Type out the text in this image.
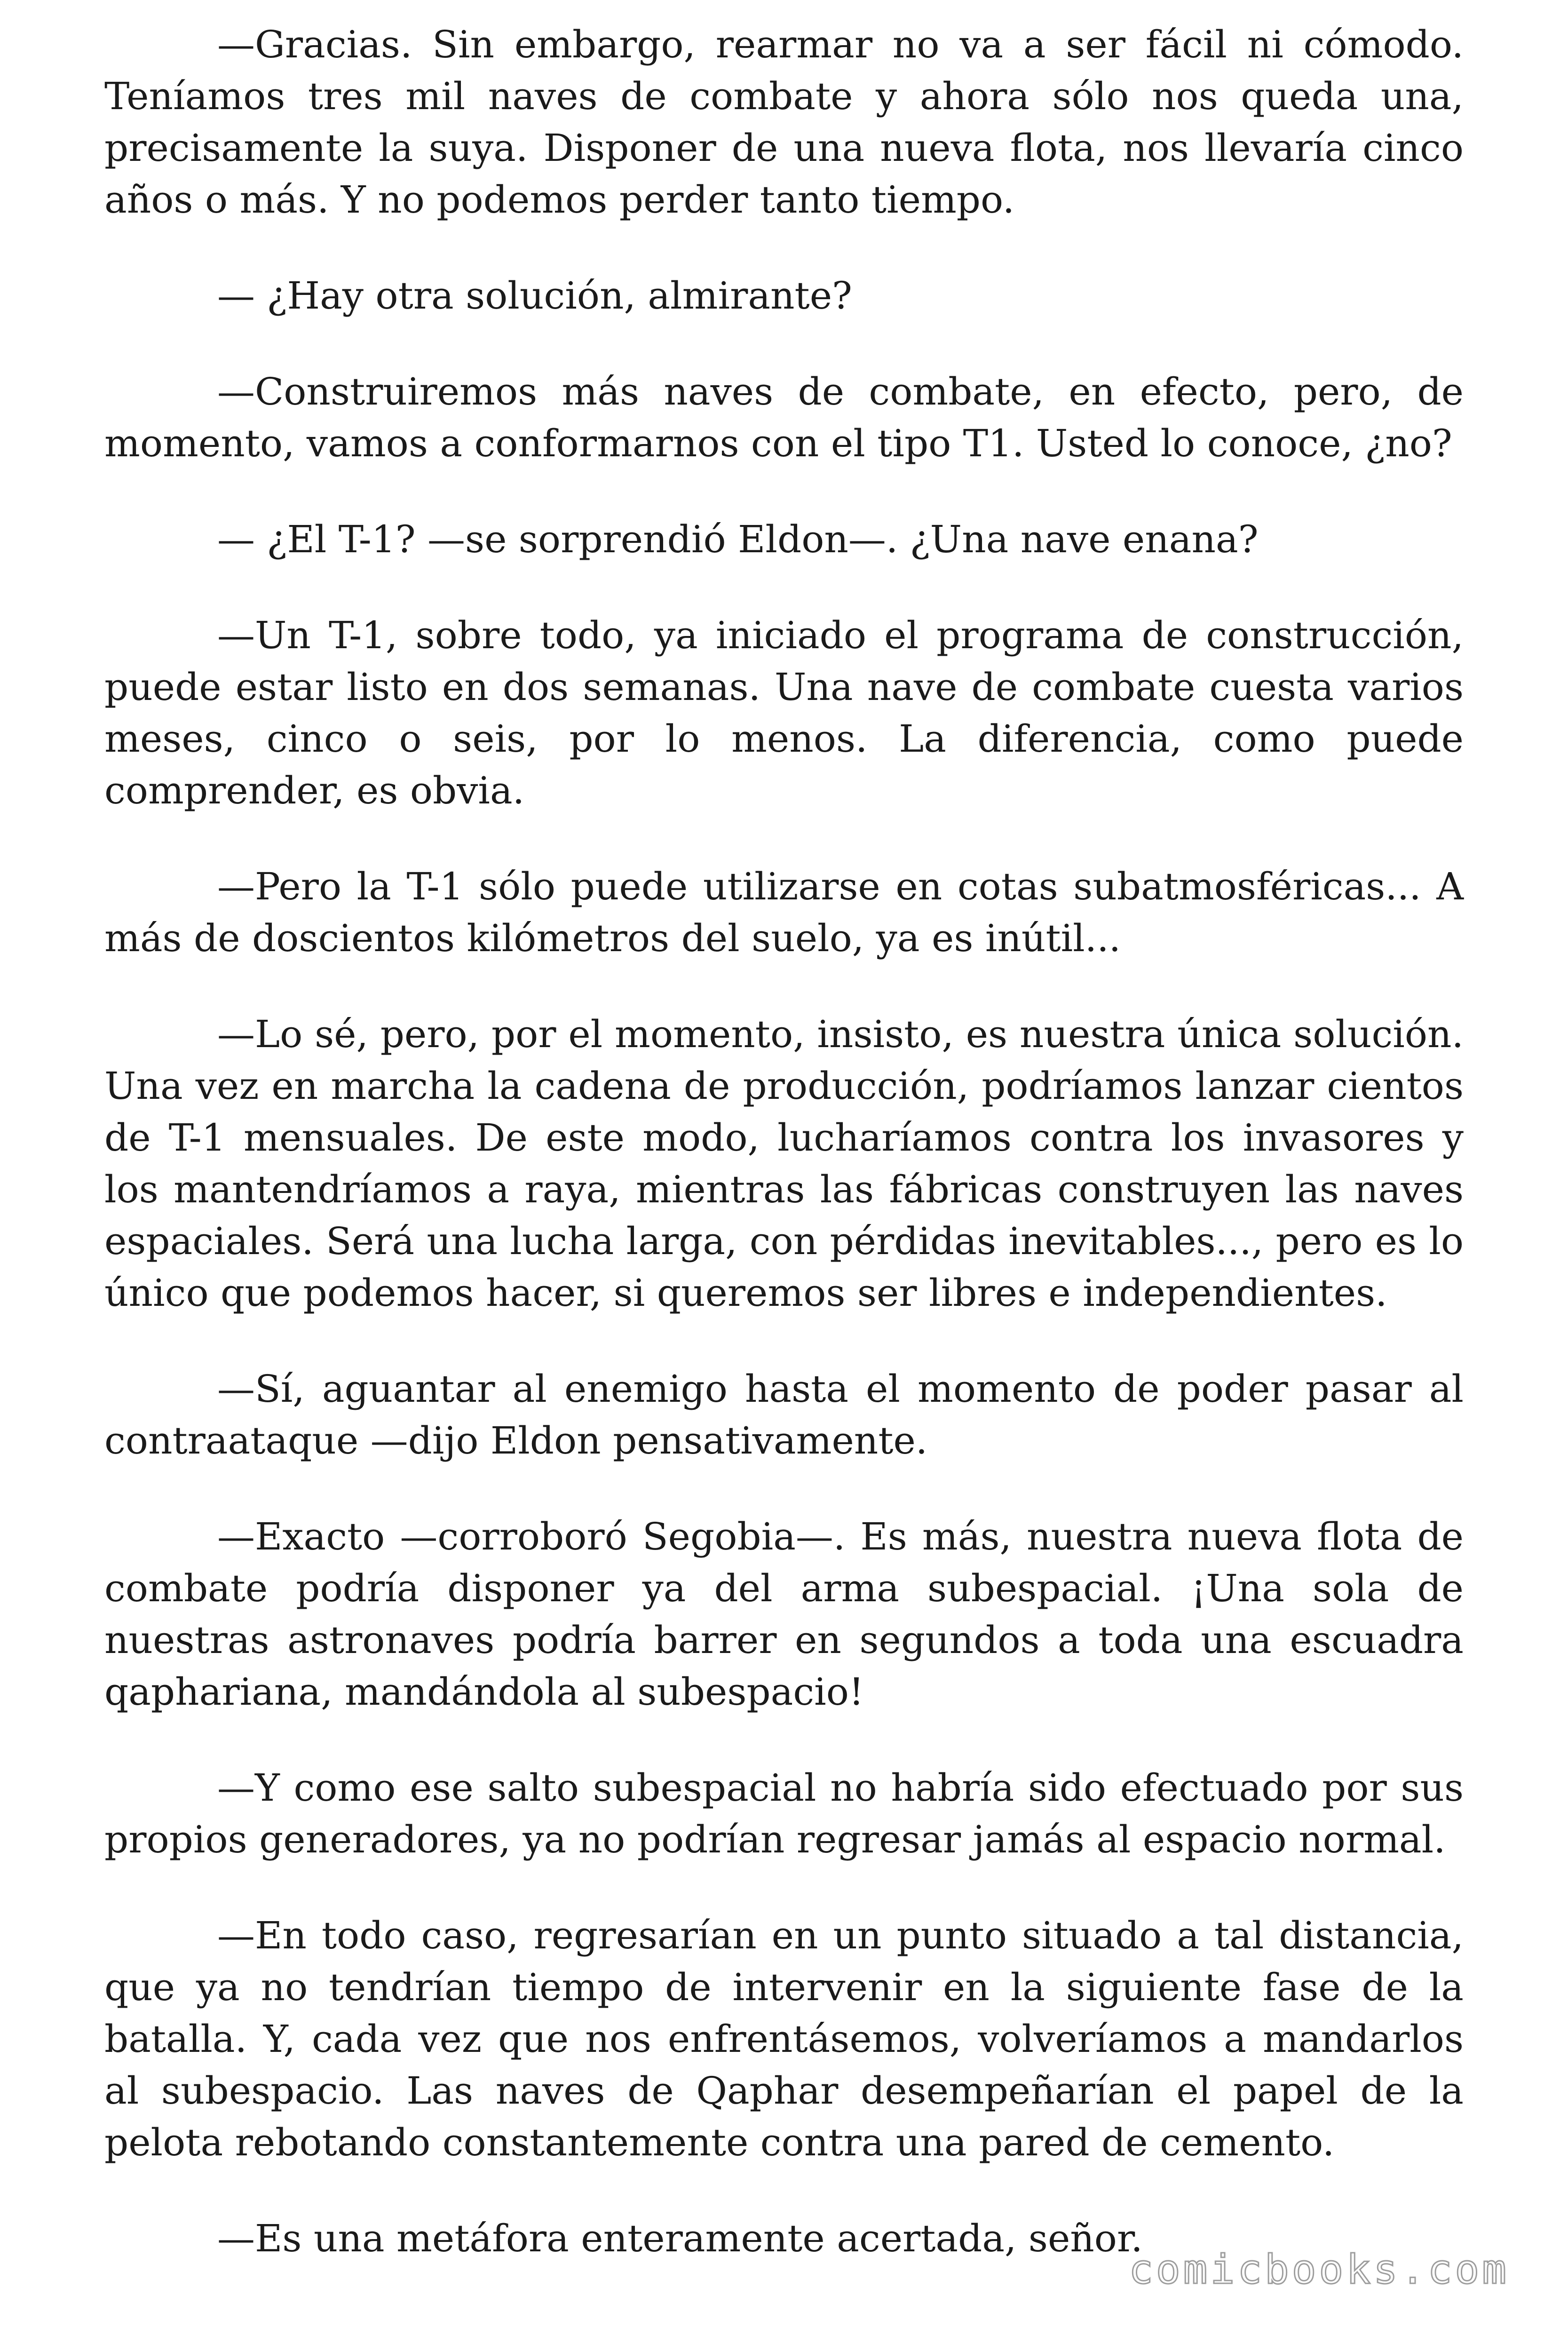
—Gracias. Sin embargo, rearmar no va a ser fácil ni cómodo. Teníamos tres mil naves de combate y ahora sólo nos queda una, precisamente la suya. Disponer de una nueva flota, nos llevaría cinco años o más. Y no podemos perder tanto tiempo.

— ¿Hay otra solución, almirante?

—Construiremos más naves de combate, en efecto, pero, de momento, vamos a conformarnos con el tipo T1. Usted lo conoce, ¿no?

— ¿El T-1? —se sorprendió Eldon—. ¿Una nave enana?

—Un T-1, sobre todo, ya iniciado el programa de construcción, puede estar listo en dos semanas. Una nave de combate cuesta varios meses, cinco o seis, por lo menos. La diferencia, como puede comprender, es obvia.

—Pero la T-1 sólo puede utilizarse en cotas subatmosféricas... A más de doscientos kilómetros del suelo, ya es inútil...

—Lo sé, pero, por el momento, insisto, es nuestra única solución. Una vez en marcha la cadena de producción, podríamos lanzar cientos de T-1 mensuales. De este modo, lucharíamos contra los invasores y los mantendríamos a raya, mientras las fábricas construyen las naves espaciales. Será una lucha larga, con pérdidas inevitables..., pero es lo único que podemos hacer, si queremos ser libres e independientes.

—Sí, aguantar al enemigo hasta el momento de poder pasar al contraataque —dijo Eldon pensativamente.

—Exacto —corroboró Segobia—. Es más, nuestra nueva flota de combate podría disponer ya del arma subespacial. ¡Una sola de nuestras astronaves podría barrer en segundos a toda una escuadra qaphariana, mandándola al subespacio!

—Y como ese salto subespacial no habría sido efectuado por sus propios generadores, ya no podrían regresar jamás al espacio normal.

—En todo caso, regresarían en un punto situado a tal distancia, que ya no tendrían tiempo de intervenir en la siguiente fase de la batalla. Y, cada vez que nos enfrentásemos, volveríamos a mandarlos al subespacio. Las naves de Qaphar desempeñarían el papel de la pelota rebotando constantemente contra una pared de cemento.

—Es una metáfora enteramente acertada, señor.

comicbooks.com
